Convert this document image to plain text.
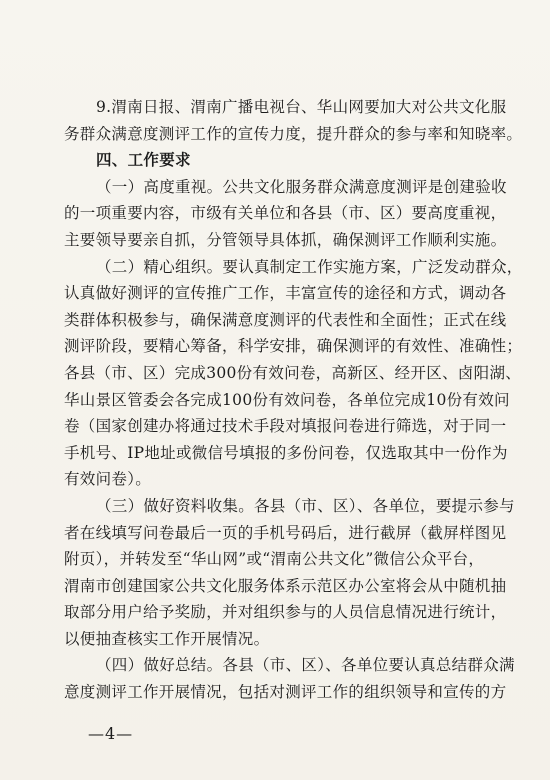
9.渭南日报、渭南广播电视台、华山网要加大对公共文化服
务群众满意度测评工作的宣传力度，提升群众的参与率和知晓率。
四、工作要求
（一）高度重视。公共文化服务群众满意度测评是创建验收
的一项重要内容，市级有关单位和各县（市、区）要高度重视，
主要领导要亲自抓，分管领导具体抓，确保测评工作顺利实施。
（二）精心组织。要认真制定工作实施方案，广泛发动群众，
认真做好测评的宣传推广工作，丰富宣传的途径和方式，调动各
类群体积极参与，确保满意度测评的代表性和全面性；正式在线
测评阶段，要精心筹备，科学安排，确保测评的有效性、准确性；
各县（市、区）完成300份有效问卷，高新区、经开区、卤阳湖、
华山景区管委会各完成100份有效问卷，各单位完成10份有效问
卷（国家创建办将通过技术手段对填报问卷进行筛选，对于同一
手机号、IP地址或微信号填报的多份问卷，仅选取其中一份作为
有效问卷）。
（三）做好资料收集。各县（市、区）、各单位，要提示参与
者在线填写问卷最后一页的手机号码后，进行截屏（截屏样图见
附页），并转发至“华山网”或“渭南公共文化”微信公众平台，
渭南市创建国家公共文化服务体系示范区办公室将会从中随机抽
取部分用户给予奖励，并对组织参与的人员信息情况进行统计，
以便抽查核实工作开展情况。
（四）做好总结。各县（市、区）、各单位要认真总结群众满
意度测评工作开展情况，包括对测评工作的组织领导和宣传的方
—4—
